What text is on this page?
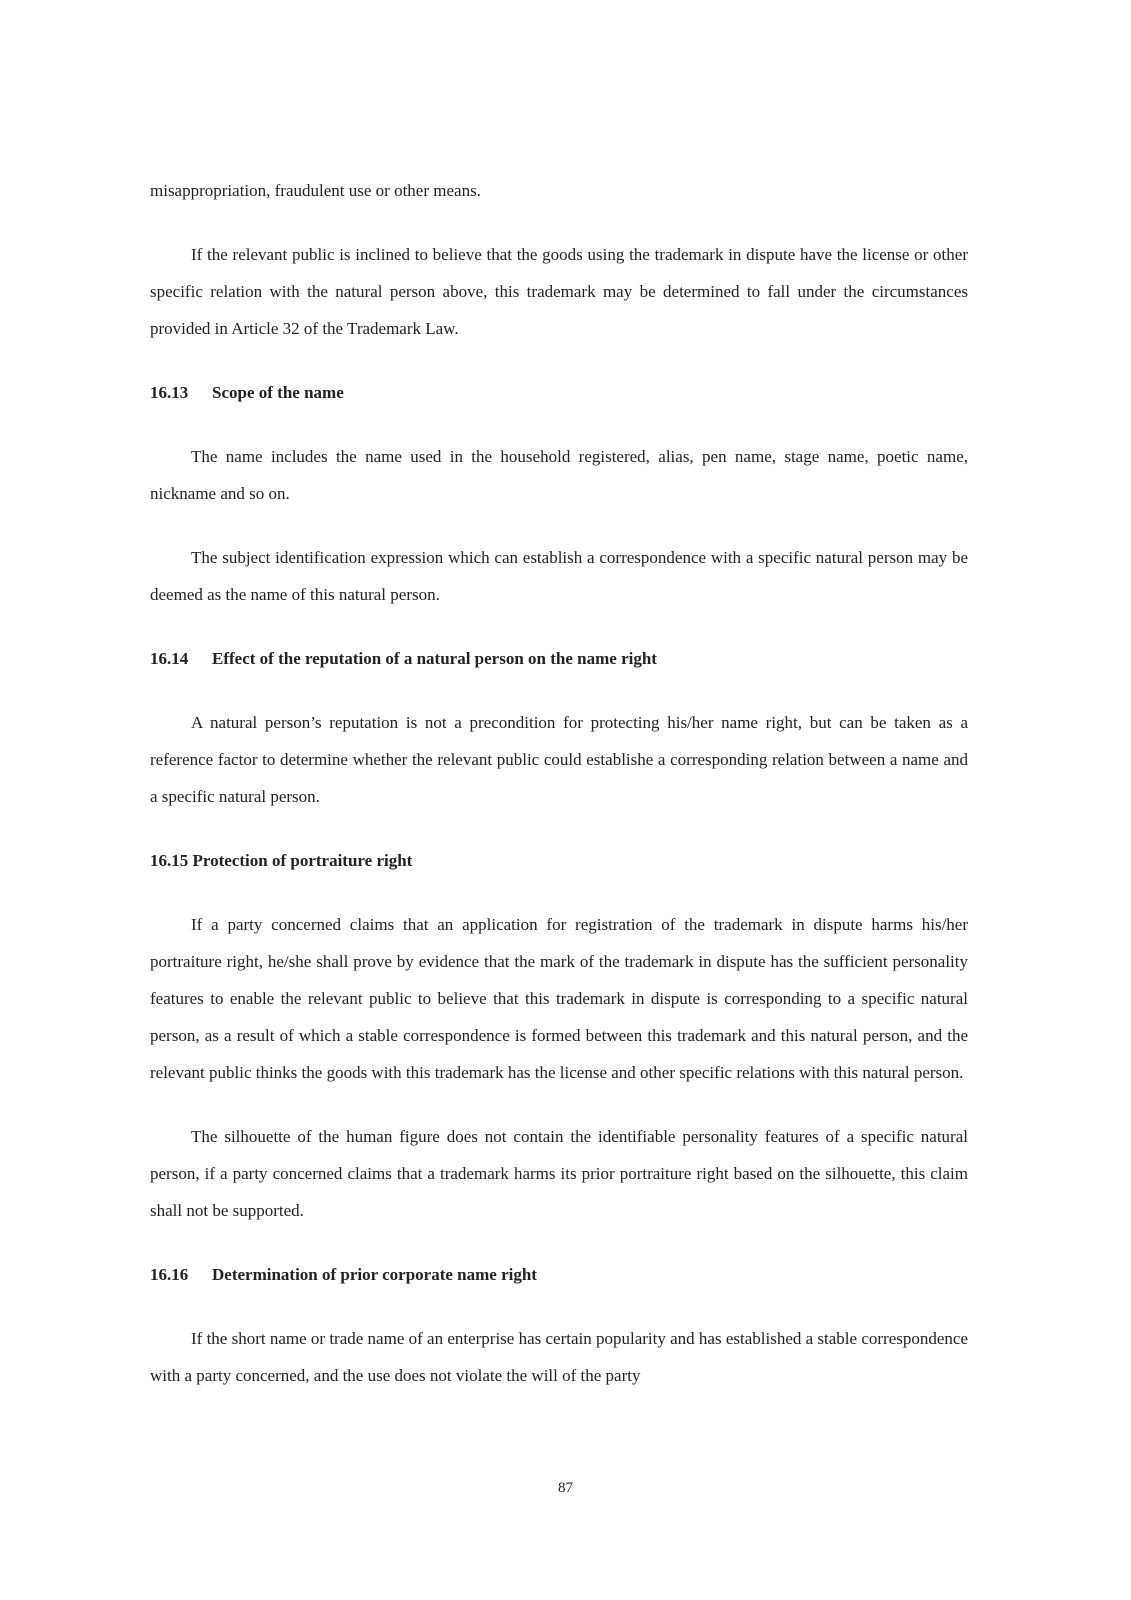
misappropriation, fraudulent use or other means.

If the relevant public is inclined to believe that the goods using the trademark in dispute have the license or other specific relation with the natural person above, this trademark may be determined to fall under the circumstances provided in Article 32 of the Trademark Law.

16.13 Scope of the name

The name includes the name used in the household registered, alias, pen name, stage name, poetic name, nickname and so on.

The subject identification expression which can establish a correspondence with a specific natural person may be deemed as the name of this natural person.

16.14 Effect of the reputation of a natural person on the name right

A natural person’s reputation is not a precondition for protecting his/her name right, but can be taken as a reference factor to determine whether the relevant public could establishe a corresponding relation between a name and a specific natural person.

16.15 Protection of portraiture right

If a party concerned claims that an application for registration of the trademark in dispute harms his/her portraiture right, he/she shall prove by evidence that the mark of the trademark in dispute has the sufficient personality features to enable the relevant public to believe that this trademark in dispute is corresponding to a specific natural person, as a result of which a stable correspondence is formed between this trademark and this natural person, and the relevant public thinks the goods with this trademark has the license and other specific relations with this natural person.

The silhouette of the human figure does not contain the identifiable personality features of a specific natural person, if a party concerned claims that a trademark harms its prior portraiture right based on the silhouette, this claim shall not be supported.

16.16 Determination of prior corporate name right

If the short name or trade name of an enterprise has certain popularity and has established a stable correspondence with a party concerned, and the use does not violate the will of the party

87
